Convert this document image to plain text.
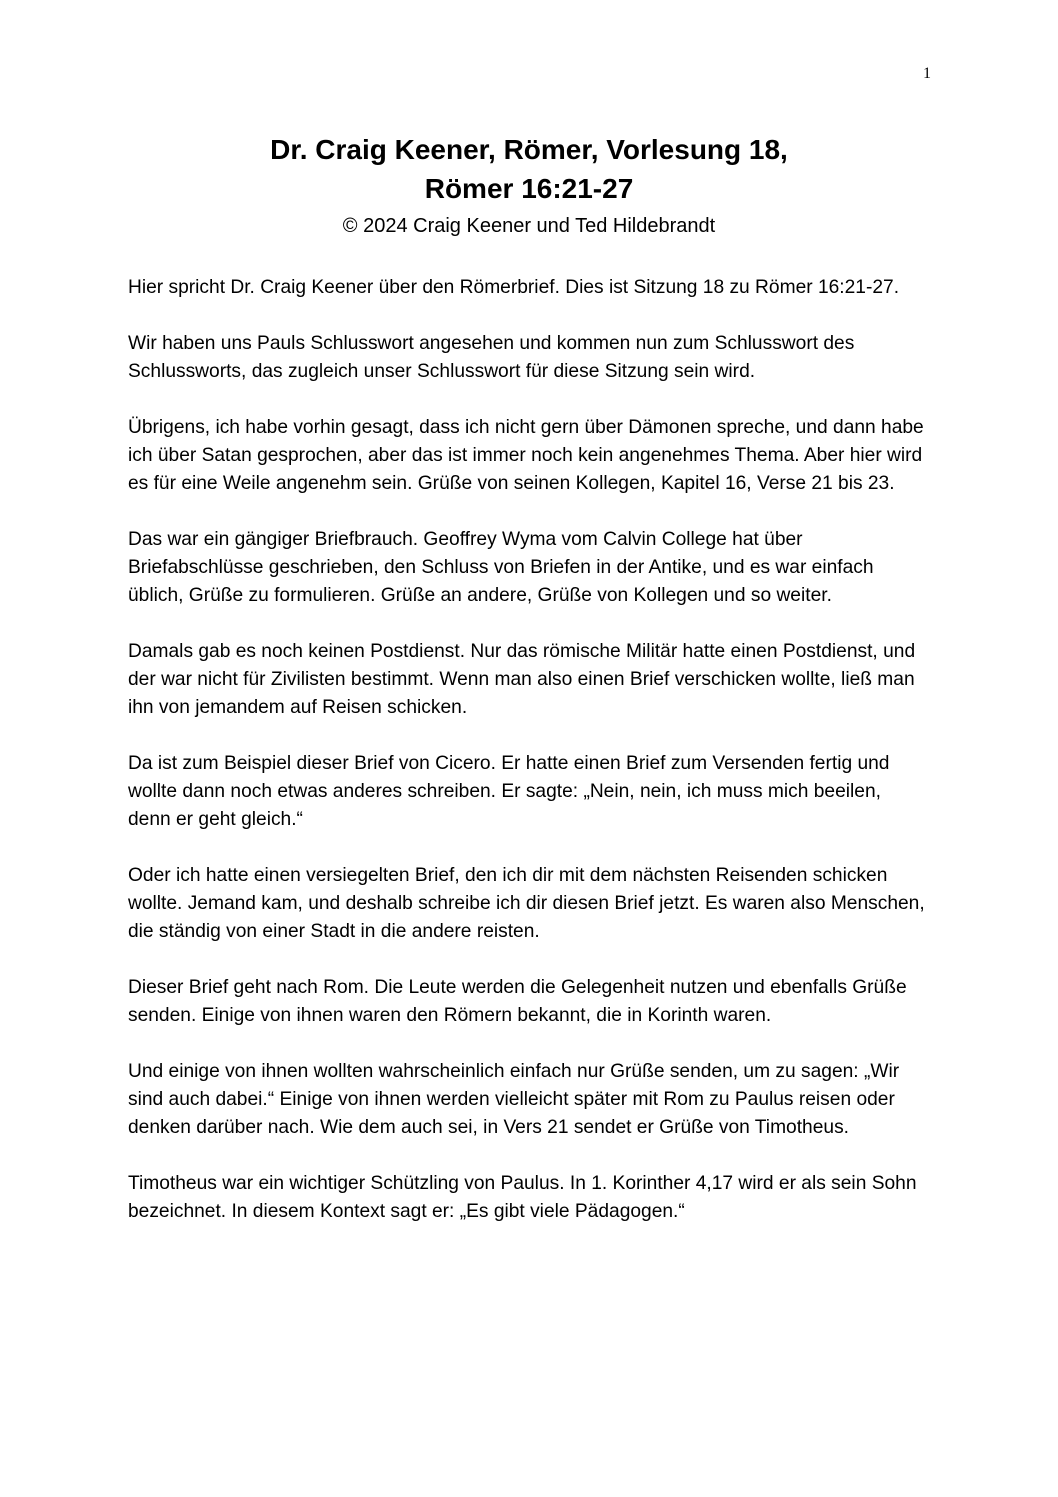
1
Dr. Craig Keener, Römer, Vorlesung 18,
Römer 16:21-27
© 2024 Craig Keener und Ted Hildebrandt

Hier spricht Dr. Craig Keener über den Römerbrief. Dies ist Sitzung 18 zu Römer 16:21-27.

Wir haben uns Pauls Schlusswort angesehen und kommen nun zum Schlusswort des Schlussworts, das zugleich unser Schlusswort für diese Sitzung sein wird.

Übrigens, ich habe vorhin gesagt, dass ich nicht gern über Dämonen spreche, und dann habe ich über Satan gesprochen, aber das ist immer noch kein angenehmes Thema. Aber hier wird es für eine Weile angenehm sein. Grüße von seinen Kollegen, Kapitel 16, Verse 21 bis 23.

Das war ein gängiger Briefbrauch. Geoffrey Wyma vom Calvin College hat über Briefabschlüsse geschrieben, den Schluss von Briefen in der Antike, und es war einfach üblich, Grüße zu formulieren. Grüße an andere, Grüße von Kollegen und so weiter.

Damals gab es noch keinen Postdienst. Nur das römische Militär hatte einen Postdienst, und der war nicht für Zivilisten bestimmt. Wenn man also einen Brief verschicken wollte, ließ man ihn von jemandem auf Reisen schicken.

Da ist zum Beispiel dieser Brief von Cicero. Er hatte einen Brief zum Versenden fertig und wollte dann noch etwas anderes schreiben. Er sagte: „Nein, nein, ich muss mich beeilen, denn er geht gleich.“

Oder ich hatte einen versiegelten Brief, den ich dir mit dem nächsten Reisenden schicken wollte. Jemand kam, und deshalb schreibe ich dir diesen Brief jetzt. Es waren also Menschen, die ständig von einer Stadt in die andere reisten.

Dieser Brief geht nach Rom. Die Leute werden die Gelegenheit nutzen und ebenfalls Grüße senden. Einige von ihnen waren den Römern bekannt, die in Korinth waren.

Und einige von ihnen wollten wahrscheinlich einfach nur Grüße senden, um zu sagen: „Wir sind auch dabei.“ Einige von ihnen werden vielleicht später mit Rom zu Paulus reisen oder denken darüber nach. Wie dem auch sei, in Vers 21 sendet er Grüße von Timotheus.

Timotheus war ein wichtiger Schützling von Paulus. In 1. Korinther 4,17 wird er als sein Sohn bezeichnet. In diesem Kontext sagt er: „Es gibt viele Pädagogen.“
